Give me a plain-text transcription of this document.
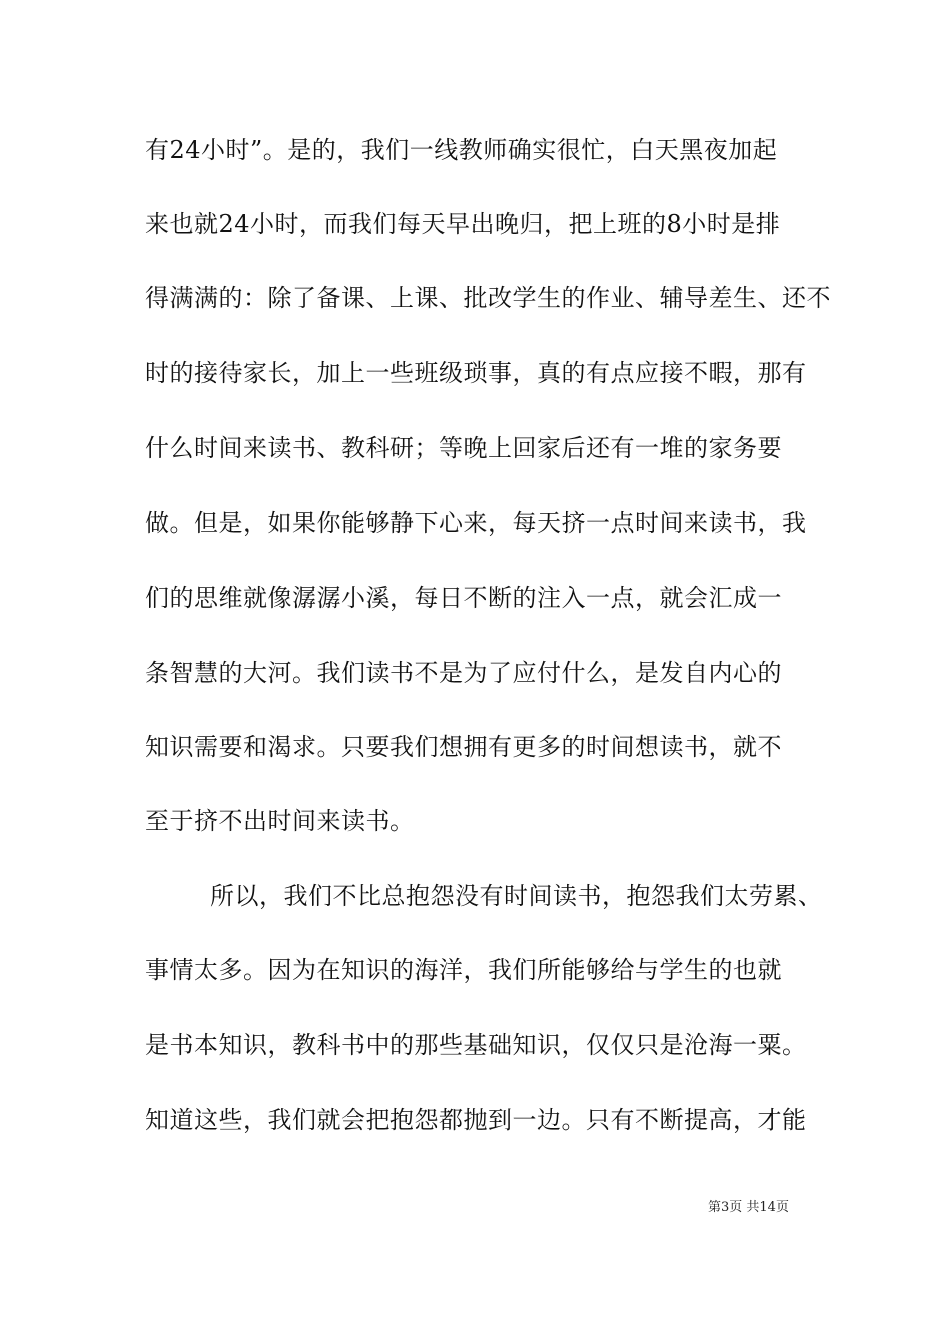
有24小时”。是的，我们一线教师确实很忙，白天黑夜加起
来也就24小时，而我们每天早出晚归，把上班的8小时是排
得满满的：除了备课、上课、批改学生的作业、辅导差生、还不
时的接待家长，加上一些班级琐事，真的有点应接不暇，那有
什么时间来读书、教科研；等晚上回家后还有一堆的家务要
做。但是，如果你能够静下心来，每天挤一点时间来读书，我
们的思维就像潺潺小溪，每日不断的注入一点，就会汇成一
条智慧的大河。我们读书不是为了应付什么，是发自内心的
知识需要和渴求。只要我们想拥有更多的时间想读书，就不
至于挤不出时间来读书。
所以，我们不比总抱怨没有时间读书，抱怨我们太劳累、
事情太多。因为在知识的海洋，我们所能够给与学生的也就
是书本知识，教科书中的那些基础知识，仅仅只是沧海一粟。
知道这些，我们就会把抱怨都抛到一边。只有不断提高，才能
第3页 共14页
